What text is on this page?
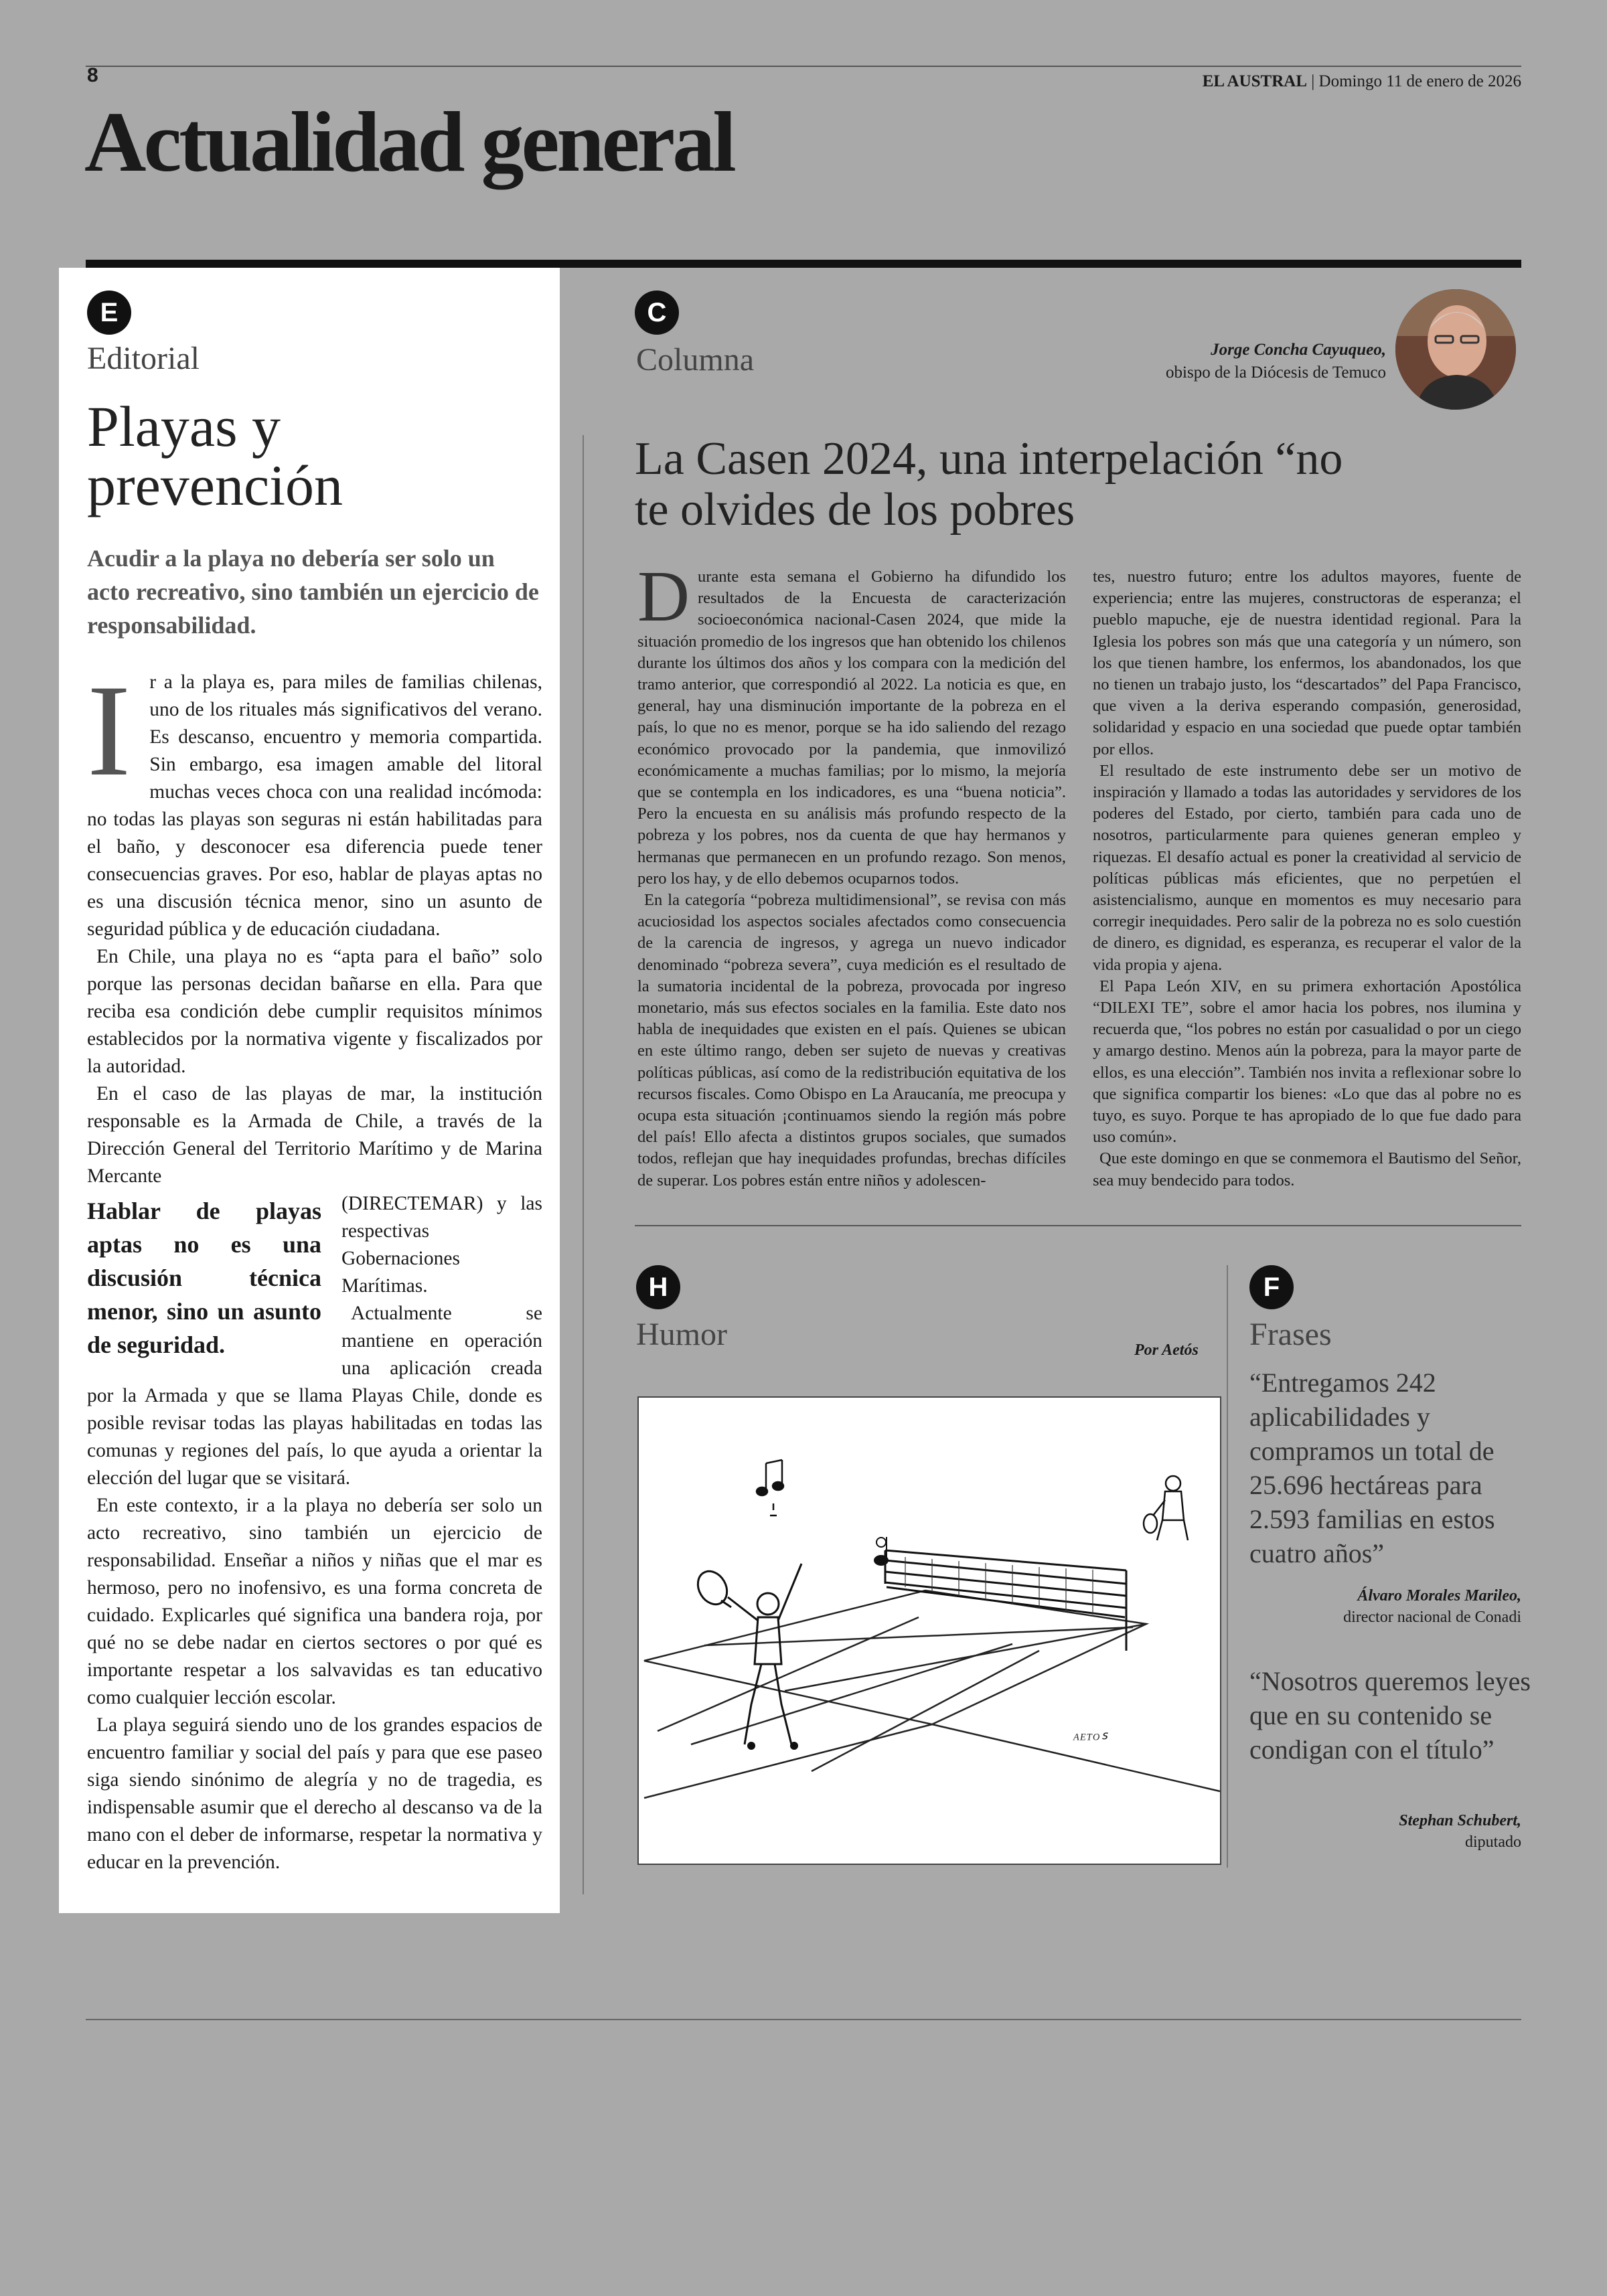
8	EL AUSTRAL | Domingo 11 de enero de 2026
Actualidad general
E
Editorial
Playas y prevención
Acudir a la playa no debería ser solo un acto recreativo, sino también un ejercicio de responsabilidad.

Ir a la playa es, para miles de familias chilenas, uno de los rituales más significativos del verano. Es descanso, encuentro y memoria compartida. Sin embargo, esa imagen amable del litoral muchas veces choca con una realidad incómoda: no todas las playas son seguras ni están habilitadas para el baño, y desconocer esa diferencia puede tener consecuencias graves. Por eso, hablar de playas aptas no es una discusión técnica menor, sino un asunto de seguridad pública y de educación ciudadana.

En Chile, una playa no es “apta para el baño” solo porque las personas decidan bañarse en ella. Para que reciba esa condición debe cumplir requisitos mínimos establecidos por la normativa vigente y fiscalizados por la autoridad.

En el caso de las playas de mar, la institución responsable es la Armada de Chile, a través de la Dirección General del Territorio Marítimo y de Marina Mercante

Hablar de playas aptas no es una discusión técnica menor, sino un asunto de seguridad.

(DIRECTEMAR) y las respectivas Gobernaciones Marítimas.

Actualmente se mantiene en operación una aplicación creada por la Armada y que se llama Playas Chile, donde es posible revisar todas las playas habilitadas en todas las comunas y regiones del país, lo que ayuda a orientar la elección del lugar que se visitará.

En este contexto, ir a la playa no debería ser solo un acto recreativo, sino también un ejercicio de responsabilidad. Enseñar a niños y niñas que el mar es hermoso, pero no inofensivo, es una forma concreta de cuidado. Explicarles qué significa una bandera roja, por qué no se debe nadar en ciertos sectores o por qué es importante respetar a los salvavidas es tan educativo como cualquier lección escolar.

La playa seguirá siendo uno de los grandes espacios de encuentro familiar y social del país y para que ese paseo siga siendo sinónimo de alegría y no de tragedia, es indispensable asumir que el derecho al descanso va de la mano con el deber de informarse, respetar la normativa y educar en la prevención.

C
Columna	Jorge Concha Cayuqueo,
obispo de la Diócesis de Temuco
La Casen 2024, una interpelación “no te olvides de los pobres

Durante esta semana el Gobierno ha difundido los resultados de la Encuesta de caracterización socioeconómica nacional-Casen 2024, que mide la situación promedio de los ingresos que han obtenido los chilenos durante los últimos dos años y los compara con la medición del tramo anterior, que correspondió al 2022. La noticia es que, en general, hay una disminución importante de la pobreza en el país, lo que no es menor, porque se ha ido saliendo del rezago económico provocado por la pandemia, que inmovilizó económicamente a muchas familias; por lo mismo, la mejoría que se contempla en los indicadores, es una “buena noticia”. Pero la encuesta en su análisis más profundo respecto de la pobreza y los pobres, nos da cuenta de que hay hermanos y hermanas que permanecen en un profundo rezago. Son menos, pero los hay, y de ello debemos ocuparnos todos.

En la categoría “pobreza multidimensional”, se revisa con más acuciosidad los aspectos sociales afectados como consecuencia de la carencia de ingresos, y agrega un nuevo indicador denominado “pobreza severa”, cuya medición es el resultado de la sumatoria incidental de la pobreza, provocada por ingreso monetario, más sus efectos sociales en la familia. Este dato nos habla de inequidades que existen en el país. Quienes se ubican en este último rango, deben ser sujeto de nuevas y creativas políticas públicas, así como de la redistribución equitativa de los recursos fiscales. Como Obispo en La Araucanía, me preocupa y ocupa esta situación ¡continuamos siendo la región más pobre del país! Ello afecta a distintos grupos sociales, que sumados todos, reflejan que hay inequidades profundas, brechas difíciles de superar. Los pobres están entre niños y adolescen-

tes, nuestro futuro; entre los adultos mayores, fuente de experiencia; entre las mujeres, constructoras de esperanza; el pueblo mapuche, eje de nuestra identidad regional. Para la Iglesia los pobres son más que una categoría y un número, son los que tienen hambre, los enfermos, los abandonados, los que no tienen un trabajo justo, los “descartados” del Papa Francisco, que viven a la deriva esperando compasión, generosidad, solidaridad y espacio en una sociedad que puede optar también por ellos.

El resultado de este instrumento debe ser un motivo de inspiración y llamado a todas las autoridades y servidores de los poderes del Estado, por cierto, también para cada uno de nosotros, particularmente para quienes generan empleo y riquezas. El desafío actual es poner la creatividad al servicio de políticas públicas más eficientes, que no perpetúen el asistencialismo, aunque en momentos es muy necesario para corregir inequidades. Pero salir de la pobreza no es solo cuestión de dinero, es dignidad, es esperanza, es recuperar el valor de la vida propia y ajena.

El Papa León XIV, en su primera exhortación Apostólica “DILEXI TE”, sobre el amor hacia los pobres, nos ilumina y recuerda que, “los pobres no están por casualidad o por un ciego y amargo destino. Menos aún la pobreza, para la mayor parte de ellos, es una elección”. También nos invita a reflexionar sobre lo que significa compartir los bienes: «Lo que das al pobre no es tuyo, es suyo. Porque te has apropiado de lo que fue dado para uso común».

Que este domingo en que se conmemora el Bautismo del Señor, sea muy bendecido para todos.

H
Humor	Por Aetós
ᴬᴱᵀᴼᔆ
F
Frases
“Entregamos 242 aplicabilidades y compramos un total de 25.696 hectáreas para 2.593 familias en estos cuatro años”
Álvaro Morales Marileo,
director nacional de Conadi
“Nosotros queremos leyes que en su contenido se condigan con el título”
Stephan Schubert,
diputado
